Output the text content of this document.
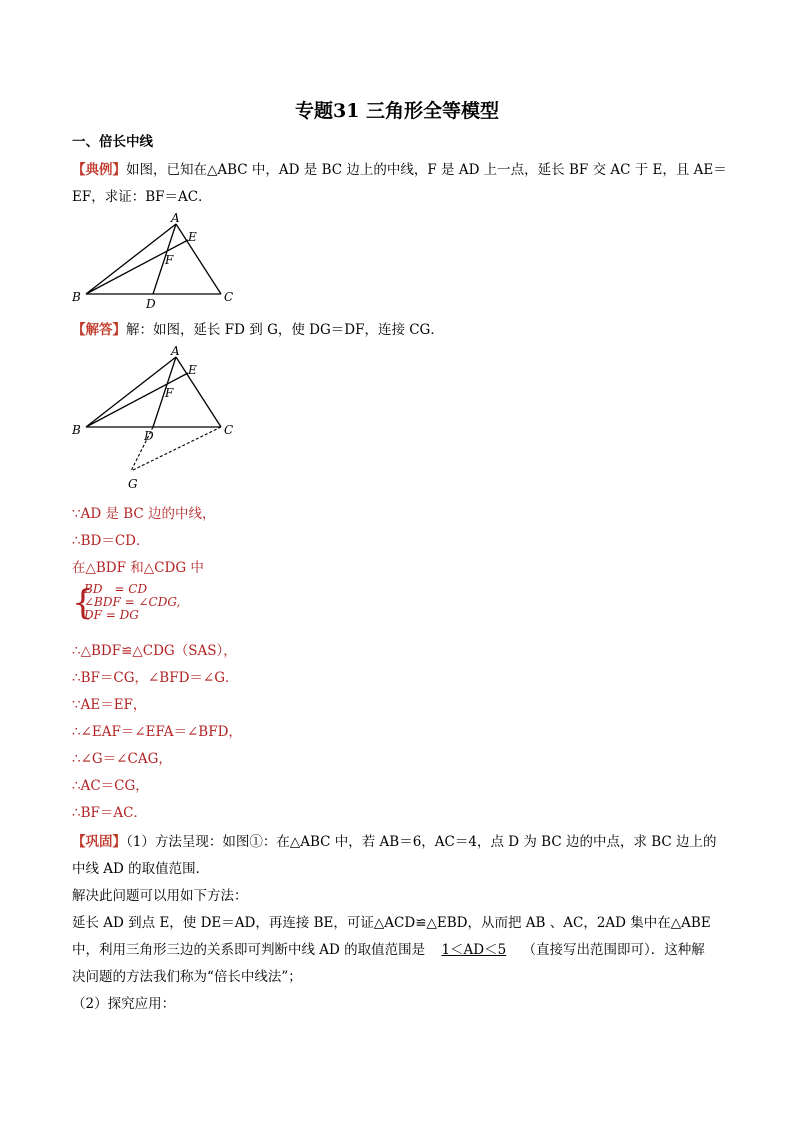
专题31 三角形全等模型
一、倍长中线
【典例】如图，已知在△ABC 中，AD 是 BC 边上的中线，F 是 AD 上一点，延长 BF 交 AC 于 E，且 AE＝
EF，求证：BF＝AC．
A
B	C
D
E
F
【解答】解：如图，延长 FD 到 G，使 DG＝DF，连接 CG．
A
B	C
D
E
F
G
∵AD 是 BC 边的中线，
∴BD＝CD．
在△BDF 和△CDG 中
{
BD　= CD
∠BDF = ∠CDG,
DF = DG
∴△BDF≌△CDG（SAS），
∴BF＝CG，∠BFD＝∠G．
∵AE＝EF，
∴∠EAF＝∠EFA＝∠BFD，
∴∠G＝∠CAG，
∴AC＝CG，
∴BF＝AC．
【巩固】（1）方法呈现：如图①：在△ABC 中，若 AB＝6，AC＝4，点 D 为 BC 边的中点，求 BC 边上的
中线 AD 的取值范围．
解决此问题可以用如下方法：
延长 AD 到点 E，使 DE＝AD，再连接 BE，可证△ACD≌△EBD，从而把 AB 、AC，2AD 集中在△ABE
中，利用三角形三边的关系即可判断中线 AD 的取值范围是 1＜AD＜5 （直接写出范围即可）．这种解
决问题的方法我们称为“倍长中线法”；
（2）探究应用：
